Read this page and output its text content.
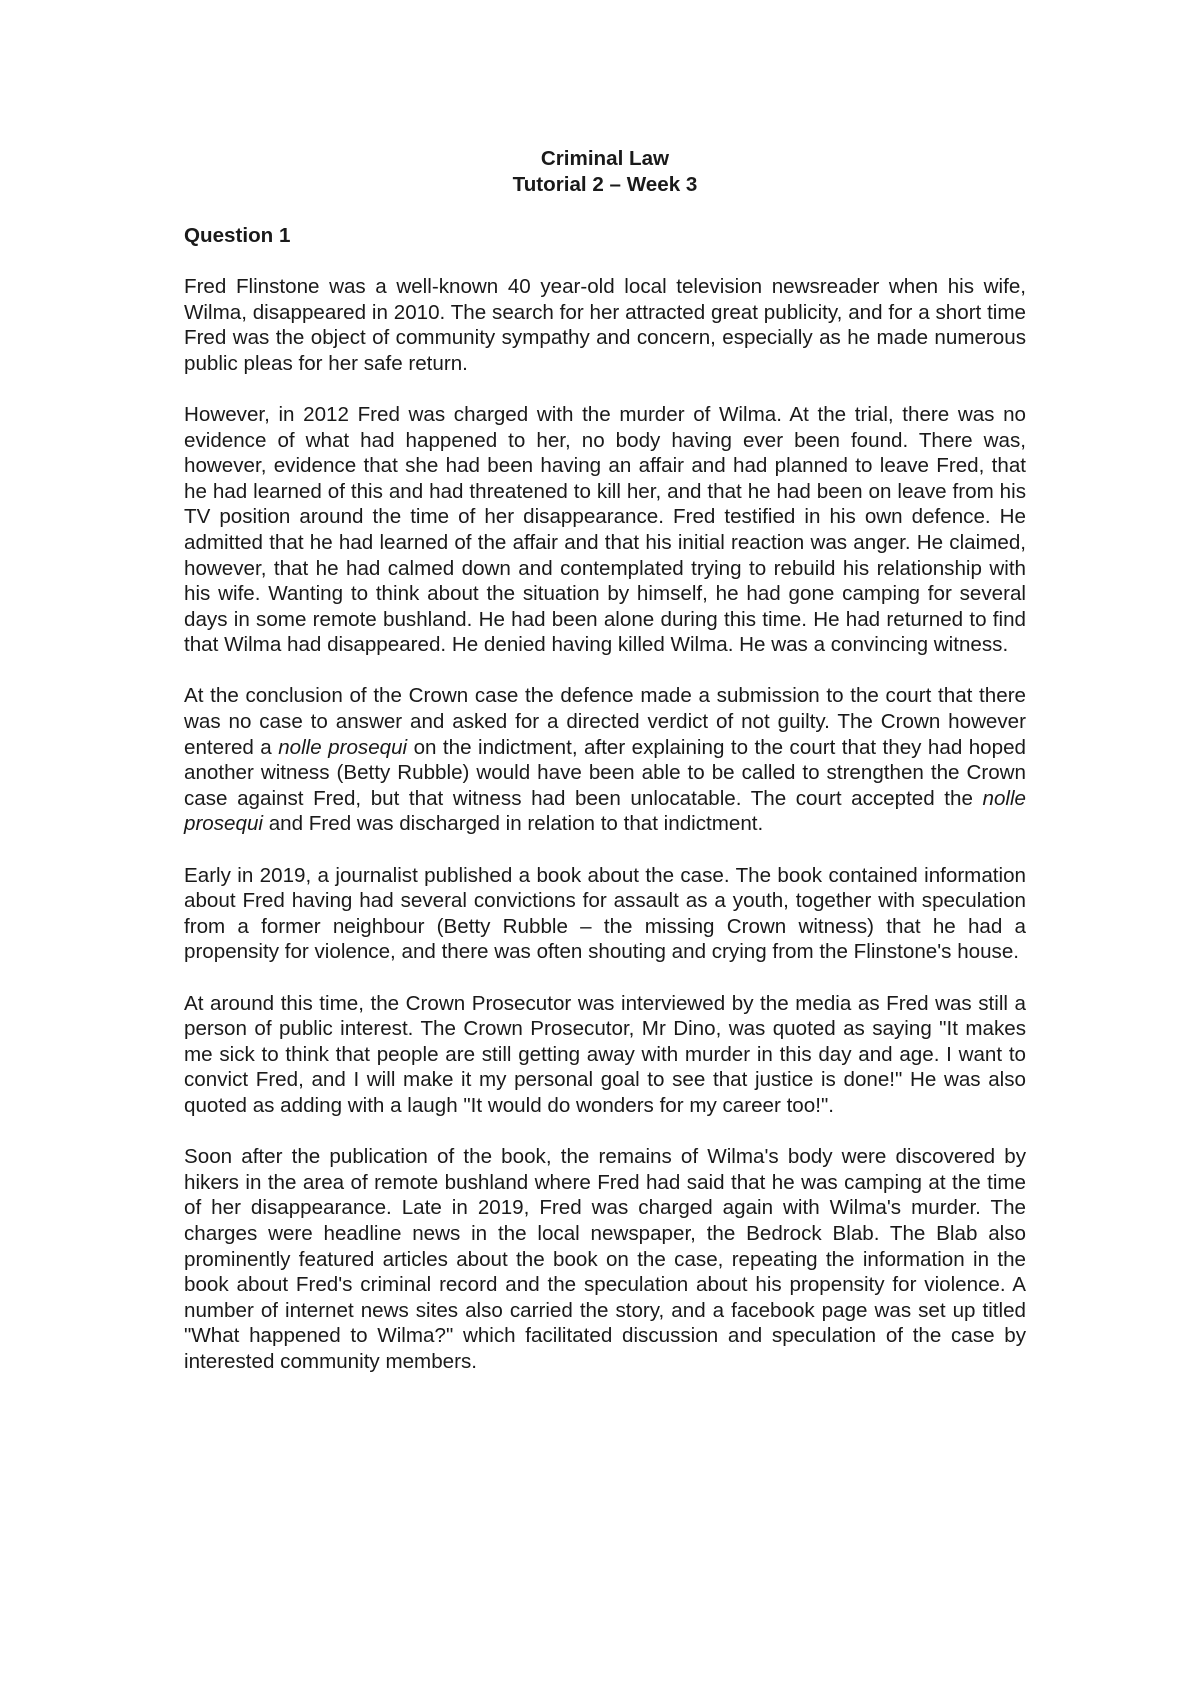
Criminal Law

Tutorial 2 – Week 3

Question 1

Fred Flinstone was a well-known 40 year-old local television newsreader when his wife, Wilma, disappeared in 2010. The search for her attracted great publicity, and for a short time Fred was the object of community sympathy and concern, especially as he made numerous public pleas for her safe return.

However, in 2012 Fred was charged with the murder of Wilma. At the trial, there was no evidence of what had happened to her, no body having ever been found. There was, however, evidence that she had been having an affair and had planned to leave Fred, that he had learned of this and had threatened to kill her, and that he had been on leave from his TV position around the time of her disappearance. Fred testified in his own defence. He admitted that he had learned of the affair and that his initial reaction was anger. He claimed, however, that he had calmed down and contemplated trying to rebuild his relationship with his wife. Wanting to think about the situation by himself, he had gone camping for several days in some remote bushland. He had been alone during this time. He had returned to find that Wilma had disappeared. He denied having killed Wilma. He was a convincing witness.

At the conclusion of the Crown case the defence made a submission to the court that there was no case to answer and asked for a directed verdict of not guilty. The Crown however entered a nolle prosequi on the indictment, after explaining to the court that they had hoped another witness (Betty Rubble) would have been able to be called to strengthen the Crown case against Fred, but that witness had been unlocatable. The court accepted the nolle prosequi and Fred was discharged in relation to that indictment.

Early in 2019, a journalist published a book about the case. The book contained information about Fred having had several convictions for assault as a youth, together with speculation from a former neighbour (Betty Rubble – the missing Crown witness) that he had a propensity for violence, and there was often shouting and crying from the Flinstone's house.

At around this time, the Crown Prosecutor was interviewed by the media as Fred was still a person of public interest. The Crown Prosecutor, Mr Dino, was quoted as saying "It makes me sick to think that people are still getting away with murder in this day and age. I want to convict Fred, and I will make it my personal goal to see that justice is done!" He was also quoted as adding with a laugh "It would do wonders for my career too!".

Soon after the publication of the book, the remains of Wilma's body were discovered by hikers in the area of remote bushland where Fred had said that he was camping at the time of her disappearance. Late in 2019, Fred was charged again with Wilma's murder. The charges were headline news in the local newspaper, the Bedrock Blab. The Blab also prominently featured articles about the book on the case, repeating the information in the book about Fred's criminal record and the speculation about his propensity for violence. A number of internet news sites also carried the story, and a facebook page was set up titled "What happened to Wilma?" which facilitated discussion and speculation of the case by interested community members.
